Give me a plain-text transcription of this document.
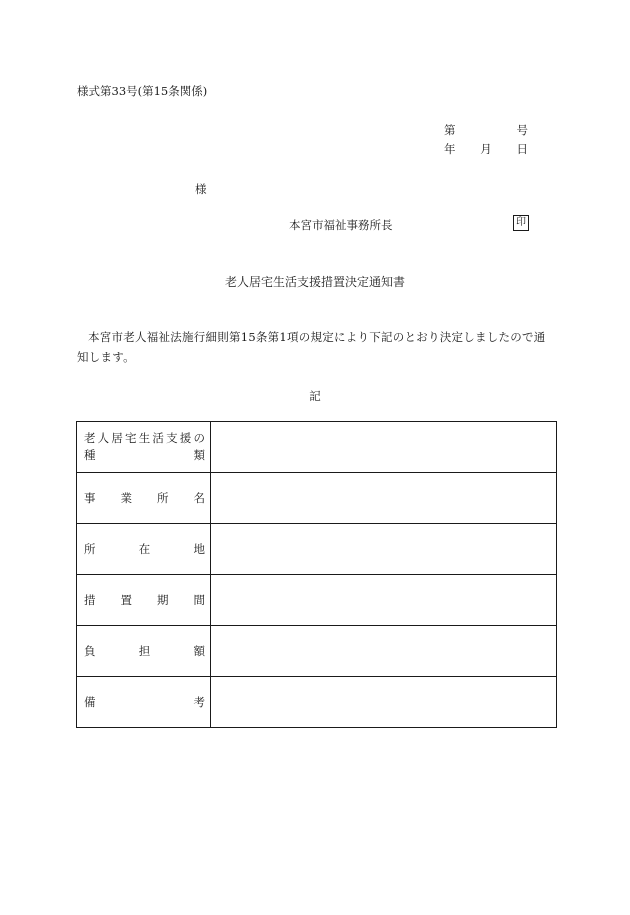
様式第33号(第15条関係)
第	号
年 月 日
様
本宮市福祉事務所長	印
老人居宅生活支援措置決定通知書
本宮市老人福祉法施行細則第15条第1項の規定により下記のとおり決定しましたので通知します。
記
老人居宅生活支援の
種　　　　　　類	

事　業　所　名	

所　在　地	

措　置　期　間	

負　担　額	

備　考	
